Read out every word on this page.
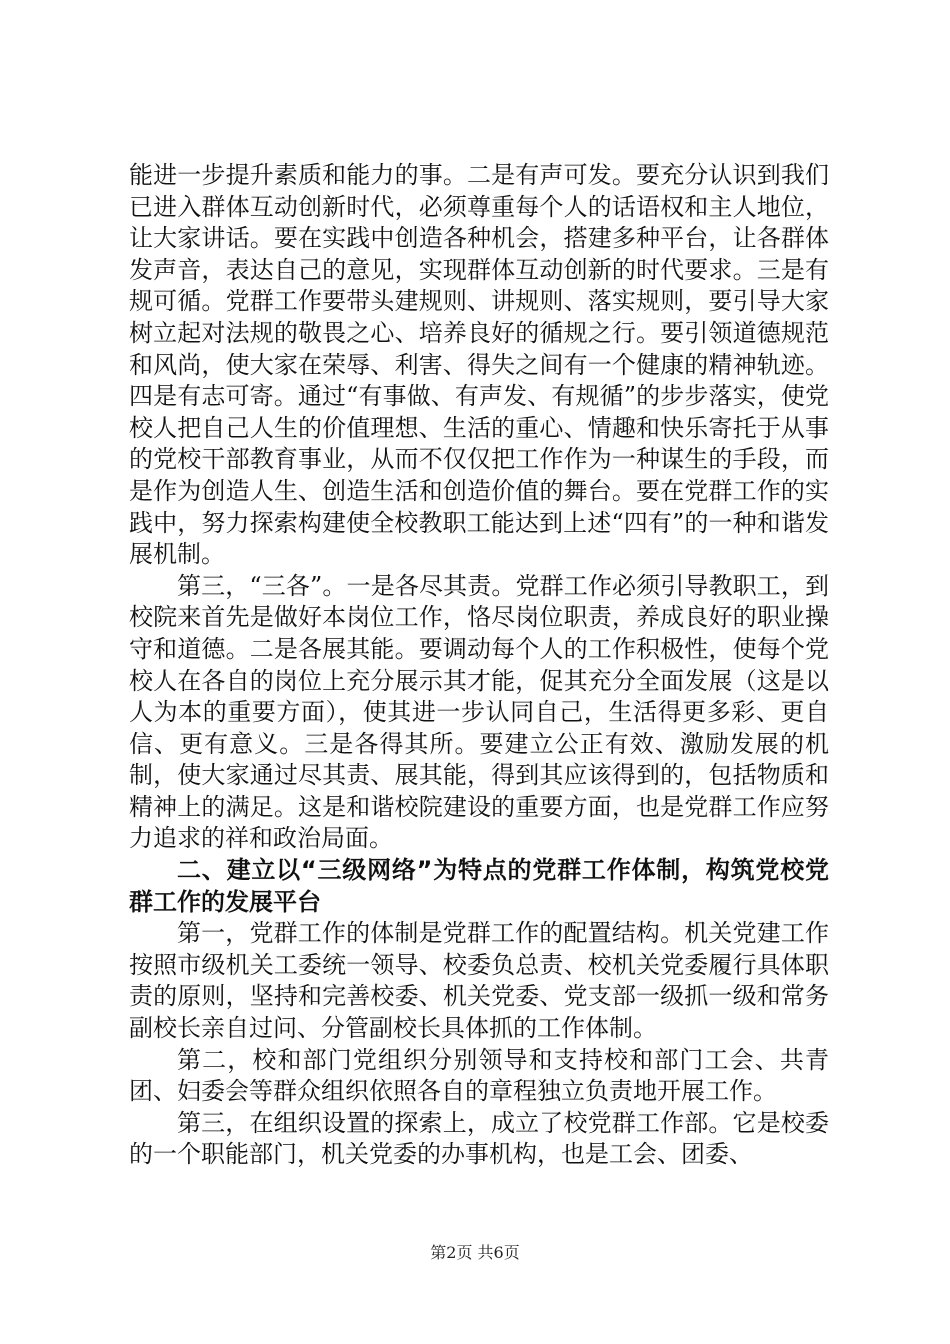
能进一步提升素质和能力的事。二是有声可发。要充分认识到我们已进入群体互动创新时代，必须尊重每个人的话语权和主人地位，让大家讲话。要在实践中创造各种机会，搭建多种平台，让各群体发声音，表达自己的意见，实现群体互动创新的时代要求。三是有规可循。党群工作要带头建规则、讲规则、落实规则，要引导大家树立起对法规的敬畏之心、培养良好的循规之行。要引领道德规范和风尚，使大家在荣辱、利害、得失之间有一个健康的精神轨迹。四是有志可寄。通过“有事做、有声发、有规循”的步步落实，使党校人把自己人生的价值理想、生活的重心、情趣和快乐寄托于从事的党校干部教育事业，从而不仅仅把工作作为一种谋生的手段，而是作为创造人生、创造生活和创造价值的舞台。要在党群工作的实践中，努力探索构建使全校教职工能达到上述“四有”的一种和谐发展机制。

第三，“三各”。一是各尽其责。党群工作必须引导教职工，到校院来首先是做好本岗位工作，恪尽岗位职责，养成良好的职业操守和道德。二是各展其能。要调动每个人的工作积极性，使每个党校人在各自的岗位上充分展示其才能，促其充分全面发展（这是以人为本的重要方面），使其进一步认同自己，生活得更多彩、更自信、更有意义。三是各得其所。要建立公正有效、激励发展的机制，使大家通过尽其责、展其能，得到其应该得到的，包括物质和精神上的满足。这是和谐校院建设的重要方面，也是党群工作应努力追求的祥和政治局面。

二、建立以“三级网络”为特点的党群工作体制，构筑党校党群工作的发展平台

第一，党群工作的体制是党群工作的配置结构。机关党建工作按照市级机关工委统一领导、校委负总责、校机关党委履行具体职责的原则，坚持和完善校委、机关党委、党支部一级抓一级和常务副校长亲自过问、分管副校长具体抓的工作体制。

第二，校和部门党组织分别领导和支持校和部门工会、共青团、妇委会等群众组织依照各自的章程独立负责地开展工作。

第三，在组织设置的探索上，成立了校党群工作部。它是校委的一个职能部门，机关党委的办事机构，也是工会、团委、

第2页 共6页
